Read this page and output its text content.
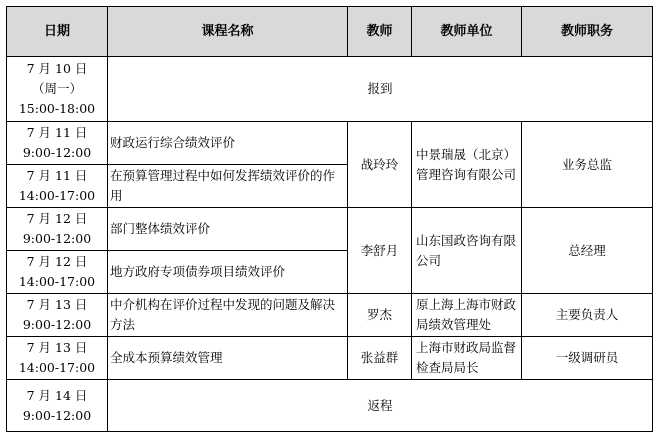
日期	课程名称	教师	教师单位	教师职务
7 月 10 日
（周一）
15:00-18:00	报到			
7 月 11 日
9:00-12:00	财政运行综合绩效评价	战玲玲	中景瑞晟（北京）管理咨询有限公司	业务总监
7 月 11 日
14:00-17:00	在预算管理过程中如何发挥绩效评价的作用			
7 月 12 日
9:00-12:00	部门整体绩效评价	李舒月	山东国政咨询有限公司	总经理
7 月 12 日
14:00-17:00	地方政府专项债券项目绩效评价			
7 月 13 日
9:00-12:00	中介机构在评价过程中发现的问题及解决方法	罗杰	原上海上海市财政局绩效管理处	主要负责人
7 月 13 日
14:00-17:00	全成本预算绩效管理	张益群	上海市财政局监督检查局局长	一级调研员
7 月 14 日
9:00-12:00	返程			
